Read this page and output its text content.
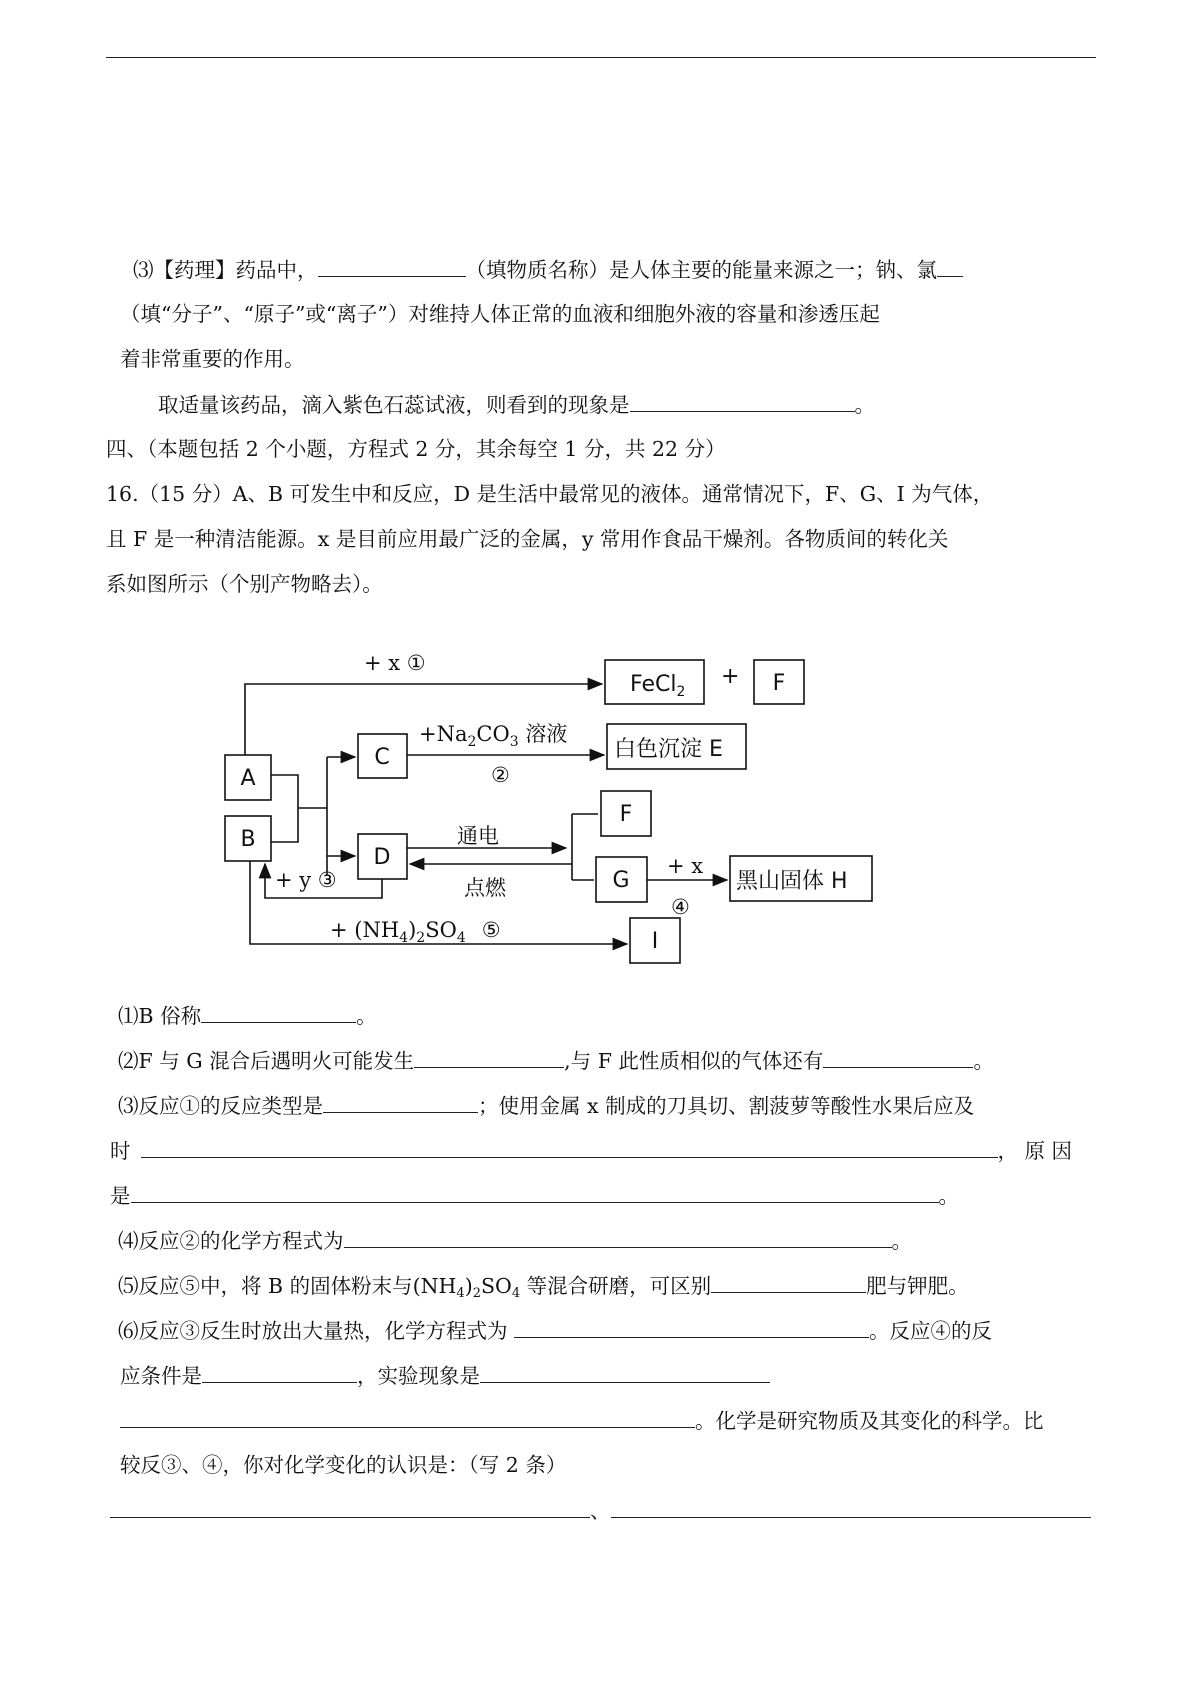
⑶【药理】药品中，	（填物质名称）是人体主要的能量来源之一；钠、氯
（填“分子”、“原子”或“离子”）对维持人体正常的血液和细胞外液的容量和渗透压起
着非常重要的作用。
取适量该药品，滴入紫色石蕊试液，则看到的现象是	。
四、（本题包括 2 个小题，方程式 2 分，其余每空 1 分，共 22 分）
16.（15 分）A、B 可发生中和反应，D 是生活中最常见的液体。通常情况下，F、G、I 为气体，
且 F 是一种清洁能源。x 是目前应用最广泛的金属，y 常用作食品干燥剂。各物质间的转化关
系如图所示（个别产物略去）。
A
B
C
D
F
F
G
I
FeCl$_2$
+
白色沉淀 E
黑山固体 H
+ x ①
$+Na_2CO_3$ 溶液
②
通电
点燃
+ y ③
+ x
④
+ $(NH_4)_2SO_4$ ⑤
⑴B 俗称	。
⑵F 与 G 混合后遇明火可能发生	,与 F 此性质相似的气体还有	。
⑶反应①的反应类型是	；使用金属 x 制成的刀具切、割菠萝等酸性水果后应及
时	， 原 因
是	。
⑷反应②的化学方程式为	。
⑸反应⑤中，将 B 的固体粉末与$(NH_4)_2SO_4$ 等混合研磨，可区别	肥与钾肥。
⑹反应③反生时放出大量热，化学方程式为	。反应④的反
应条件是	，实验现象是
。化学是研究物质及其变化的科学。比
较反③、④，你对化学变化的认识是：（写 2 条）
、
